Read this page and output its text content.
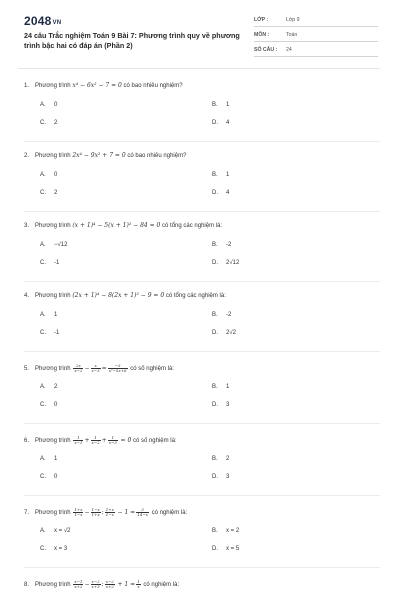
2048VN
24 câu Trắc nghiệm Toán 9 Bài 7: Phương trình quy về phương trình bậc hai có đáp án (Phần 2)
LỚP :	Lớp 9
MÔN :	Toán
SỐ CÂU : 24
1. Phương trình x⁴ − 6x² − 7 = 0 có bao nhiêu nghiệm?
A. 0	B. 1
C. 2	D. 4
2. Phương trình 2x⁴ − 9x² + 7 = 0 có bao nhiêu nghiệm?
A. 0	B. 1
C. 2	D. 4
3. Phương trình (x + 1)⁴ − 5(x + 1)² − 84 = 0 có tổng các nghiệm là:
A. −√12	B. -2
C. -1	D. 2√12
4. Phương trình (2x + 1)⁴ − 8(2x + 1)² − 9 = 0 có tổng các nghiệm là:
A. 1	B. -2
C. -1	D. 2√2
5. Phương trình $\frac{2x}{x-2} - \frac{x}{x-3} = \frac{-3}{\text{x²−5x+6}}$ có số nghiệm là:
A. 2	B. 1
C. 0	D. 3
6. Phương trình $\frac{1}{x-1} + \frac{1}{x-2} + \frac{1}{x-3} = 0$ có số nghiệm là:
A. 1	B. 2
C. 0	D. 3
7. Phương trình $\frac{1+x}{1-x} - \frac{1-x}{1+x}$ : $\frac{1+x}{1-x} - 1 = \frac{3}{14-x}$ có nghiệm là:
A. x = √2	B. x = 2
C. x = 3	D. x = 5
8. Phương trình $\frac{x-1}{x+2} - \frac{x-2}{x+3}$ : $\frac{x-2}{x+2} + 1 = \frac{1}{x}$ có nghiệm là:
